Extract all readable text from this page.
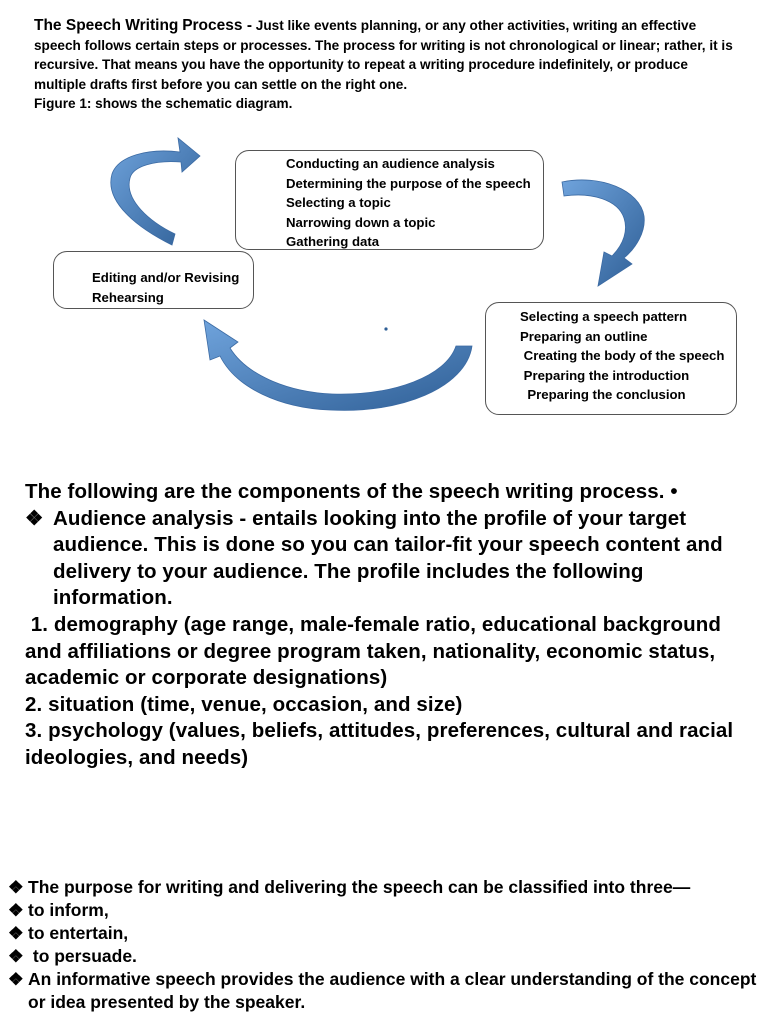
The Speech Writing Process - Just like events planning, or any other activities, writing an effective speech follows certain steps or processes. The process for writing is not chronological or linear; rather, it is recursive. That means you have the opportunity to repeat a writing procedure indefinitely, or produce multiple drafts first before you can settle on the right one.
Figure 1: shows the schematic diagram.
Conducting an audience analysis
Determining the purpose of the speech
Selecting a topic
Narrowing down a topic
Gathering data
Editing and/or Revising
Rehearsing
Selecting a speech pattern
Preparing an outline
Creating the body of the speech
Preparing the introduction
Preparing the conclusion

The following are the components of the speech writing process. •

❖ Audience analysis - entails looking into the profile of your target audience. This is done so you can tailor-fit your speech content and delivery to your audience. The profile includes the following information.

1. demography (age range, male-female ratio, educational background and affiliations or degree program taken, nationality, economic status, academic or corporate designations)

2. situation (time, venue, occasion, and size)

3. psychology (values, beliefs, attitudes, preferences, cultural and racial ideologies, and needs)

❖ The purpose for writing and delivering the speech can be classified into three—
❖ to inform,
❖ to entertain,
❖ to persuade.
❖ An informative speech provides the audience with a clear understanding of the concept or idea presented by the speaker.
